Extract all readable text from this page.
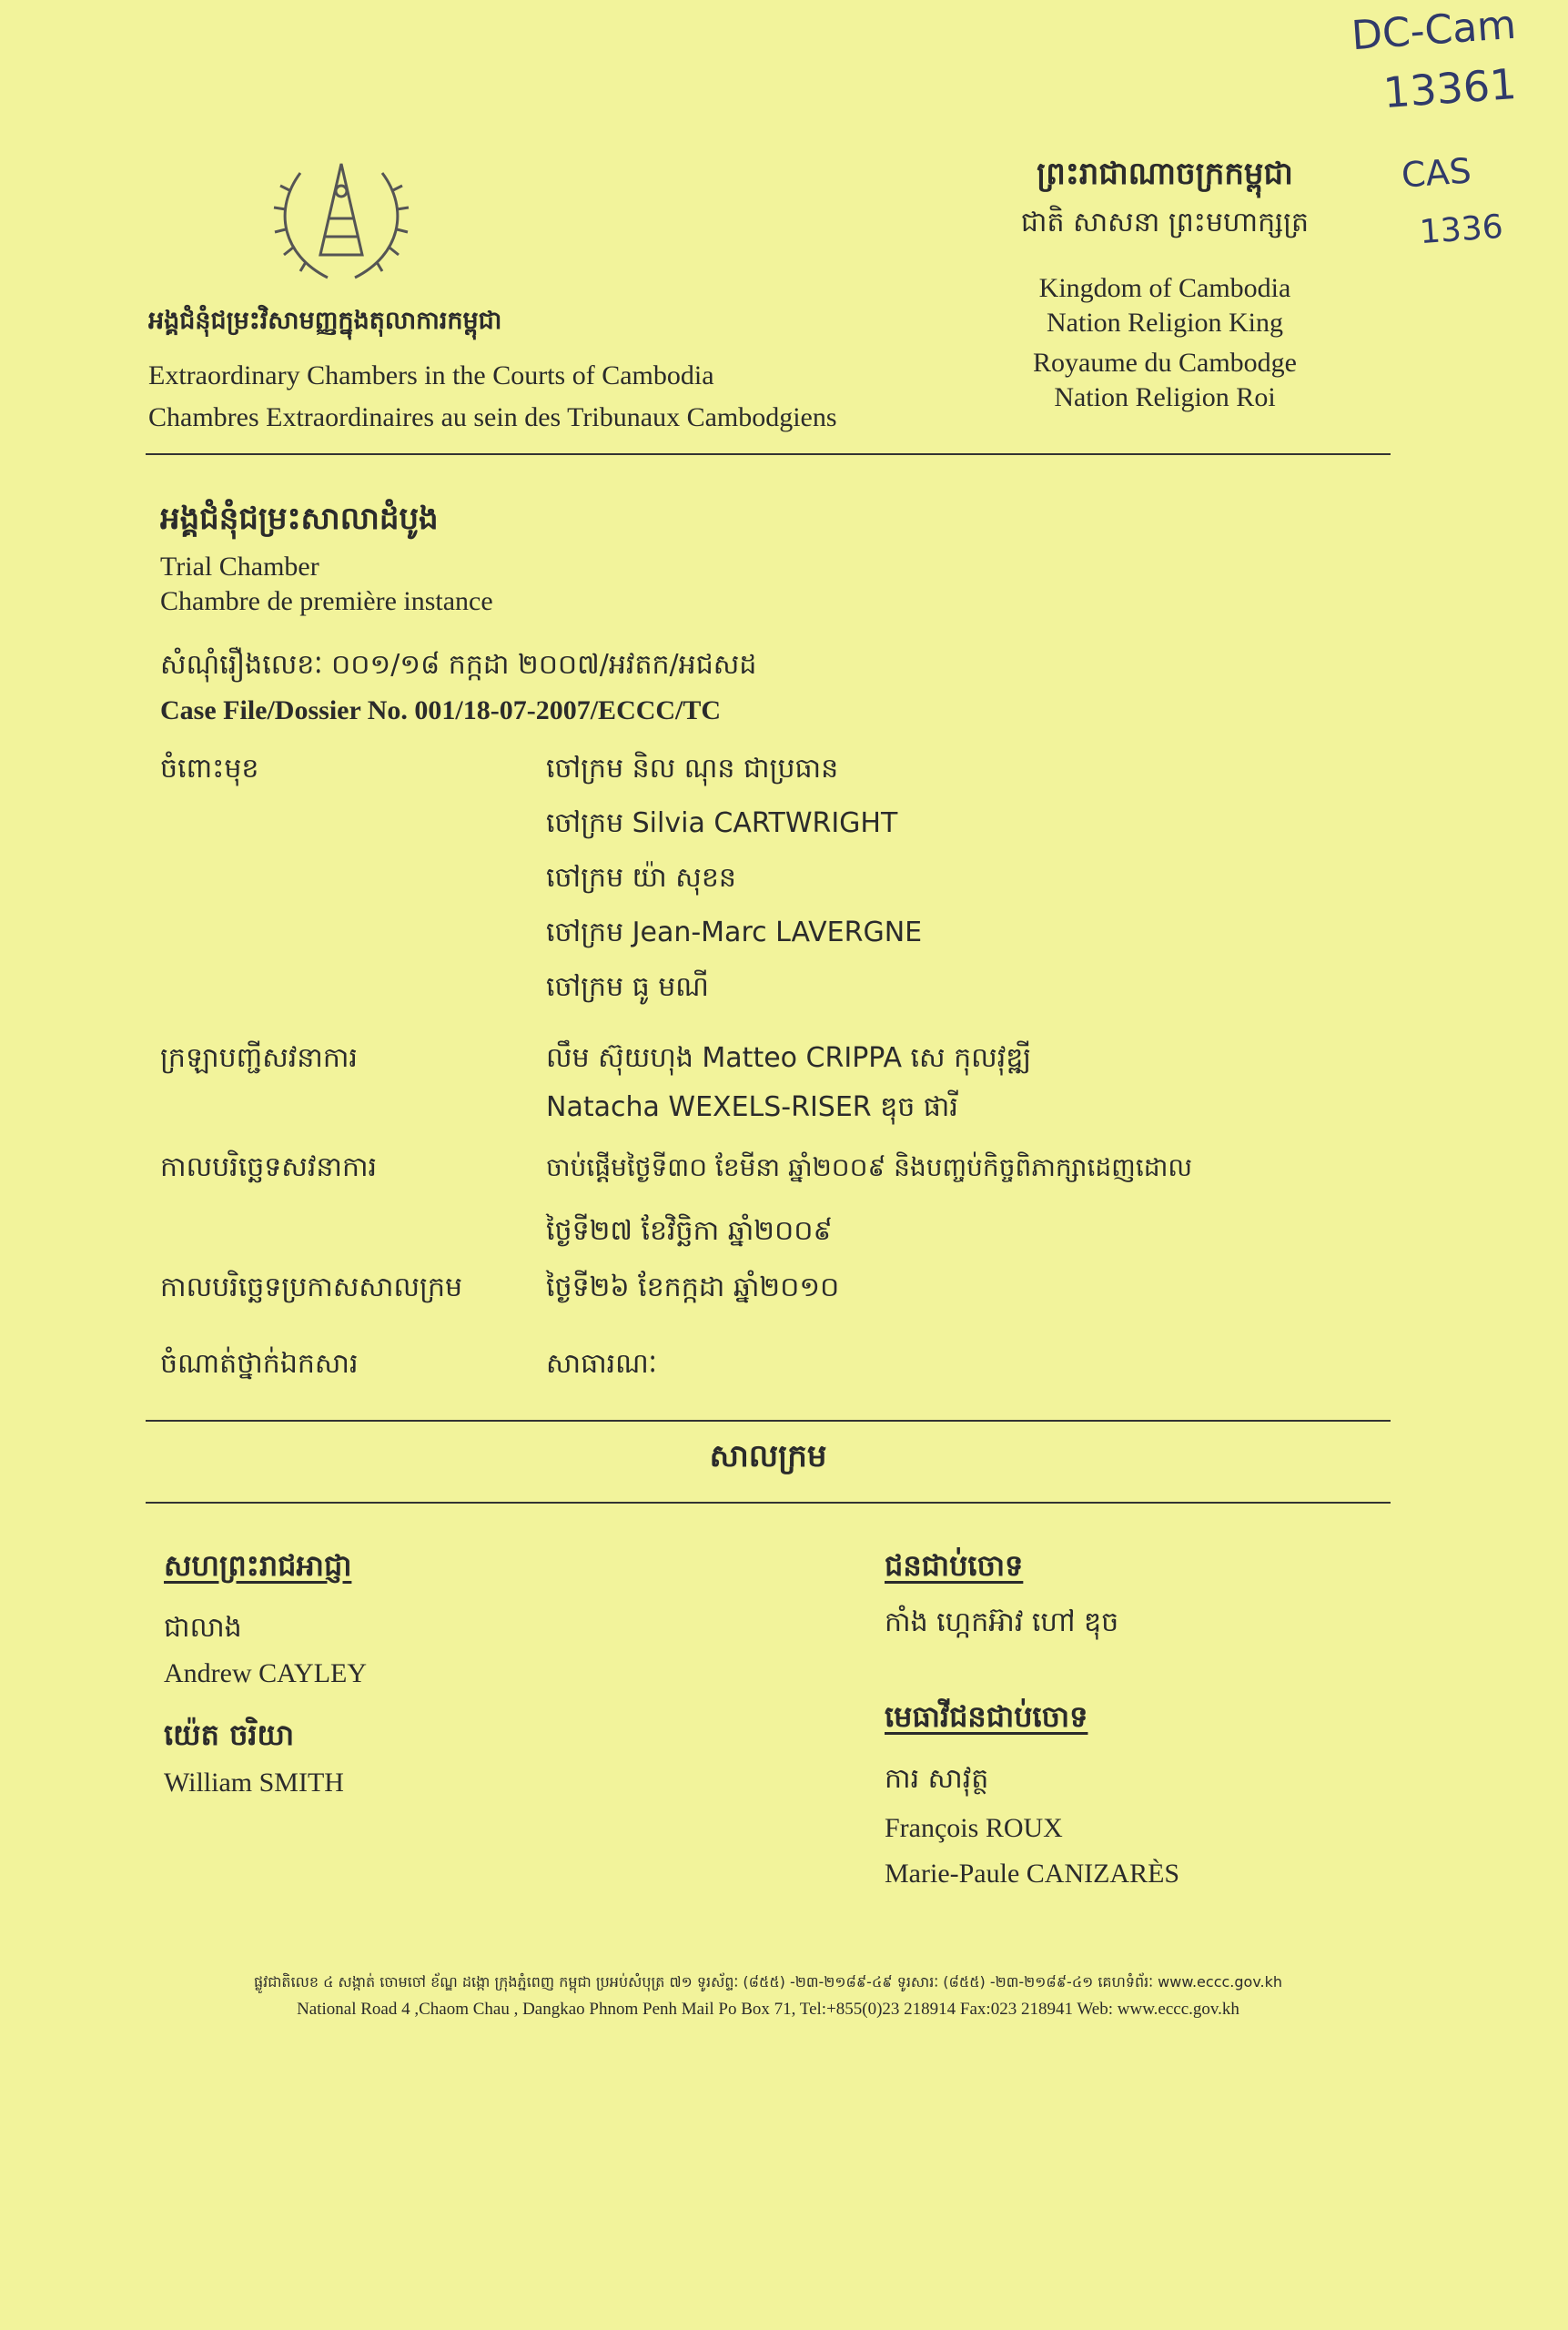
DC-Cam
13361
CAS
1336
ព្រះរាជាណាចក្រកម្ពុជា
ជាតិ សាសនា ព្រះមហាក្សត្រ
Kingdom of Cambodia
Nation Religion King
Royaume du Cambodge
Nation Religion Roi
អង្គជំនុំជម្រះវិសាមញ្ញក្នុងតុលាការកម្ពុជា
Extraordinary Chambers in the Courts of Cambodia
Chambres Extraordinaires au sein des Tribunaux Cambodgiens
អង្គជំនុំជម្រះសាលាដំបូង
Trial Chamber
Chambre de première instance
សំណុំរឿងលេខៈ ០០១/១៨ កក្កដា ២០០៧/អវតក/អជសដ
Case File/Dossier No. 001/18-07-2007/ECCC/TC
ចំពោះមុខ	ចៅក្រម និល ណុន ជាប្រធាន
ចៅក្រម Silvia CARTWRIGHT
ចៅក្រម យ៉ា សុខន
ចៅក្រម Jean-Marc LAVERGNE
ចៅក្រម ធូ មណី
ក្រឡាបញ្ជីសវនាការ	លឹម ស៊ុយហុង Matteo CRIPPA សេ កុលវុឌ្ឍី
Natacha WEXELS-RISER ឌុច ផារី
កាលបរិច្ឆេទសវនាការ	ចាប់ផ្ដើមថ្ងៃទី៣០ ខែមីនា ឆ្នាំ២០០៩ និងបញ្ចប់កិច្ចពិភាក្សាដេញដោល
ថ្ងៃទី២៧ ខែវិច្ឆិកា ឆ្នាំ២០០៩
កាលបរិច្ឆេទប្រកាសសាលក្រម	ថ្ងៃទី២៦ ខែកក្កដា ឆ្នាំ២០១០
ចំណាត់ថ្នាក់ឯកសារ	សាធារណៈ
សាលក្រម
សហព្រះរាជអាជ្ញា
ជាលាង
Andrew CAYLEY
យ៉េត ចរិយា
William SMITH
ជនជាប់ចោទ
កាំង ហ្កេកអ៊ាវ ហៅ ឌុច
មេធាវីជនជាប់ចោទ
ការ សាវុត្ថ
François ROUX
Marie-Paule CANIZARÈS
ផ្លូវជាតិលេខ ៤ សង្កាត់ ចោមចៅ ខ័ណ្ឌ ដង្កោ ក្រុងភ្នំពេញ កម្ពុជា ប្រអប់សំបុត្រ ៧១ ទូរស័ព្ទៈ (៨៥៥) -២៣-២១៨៩-៤៩ ទូរសារៈ (៨៥៥) -២៣-២១៨៩-៤១ គេហទំព័រៈ www.eccc.gov.kh
National Road 4 ,Chaom Chau , Dangkao Phnom Penh Mail Po Box 71, Tel:+855(0)23 218914 Fax:023 218941 Web: www.eccc.gov.kh
